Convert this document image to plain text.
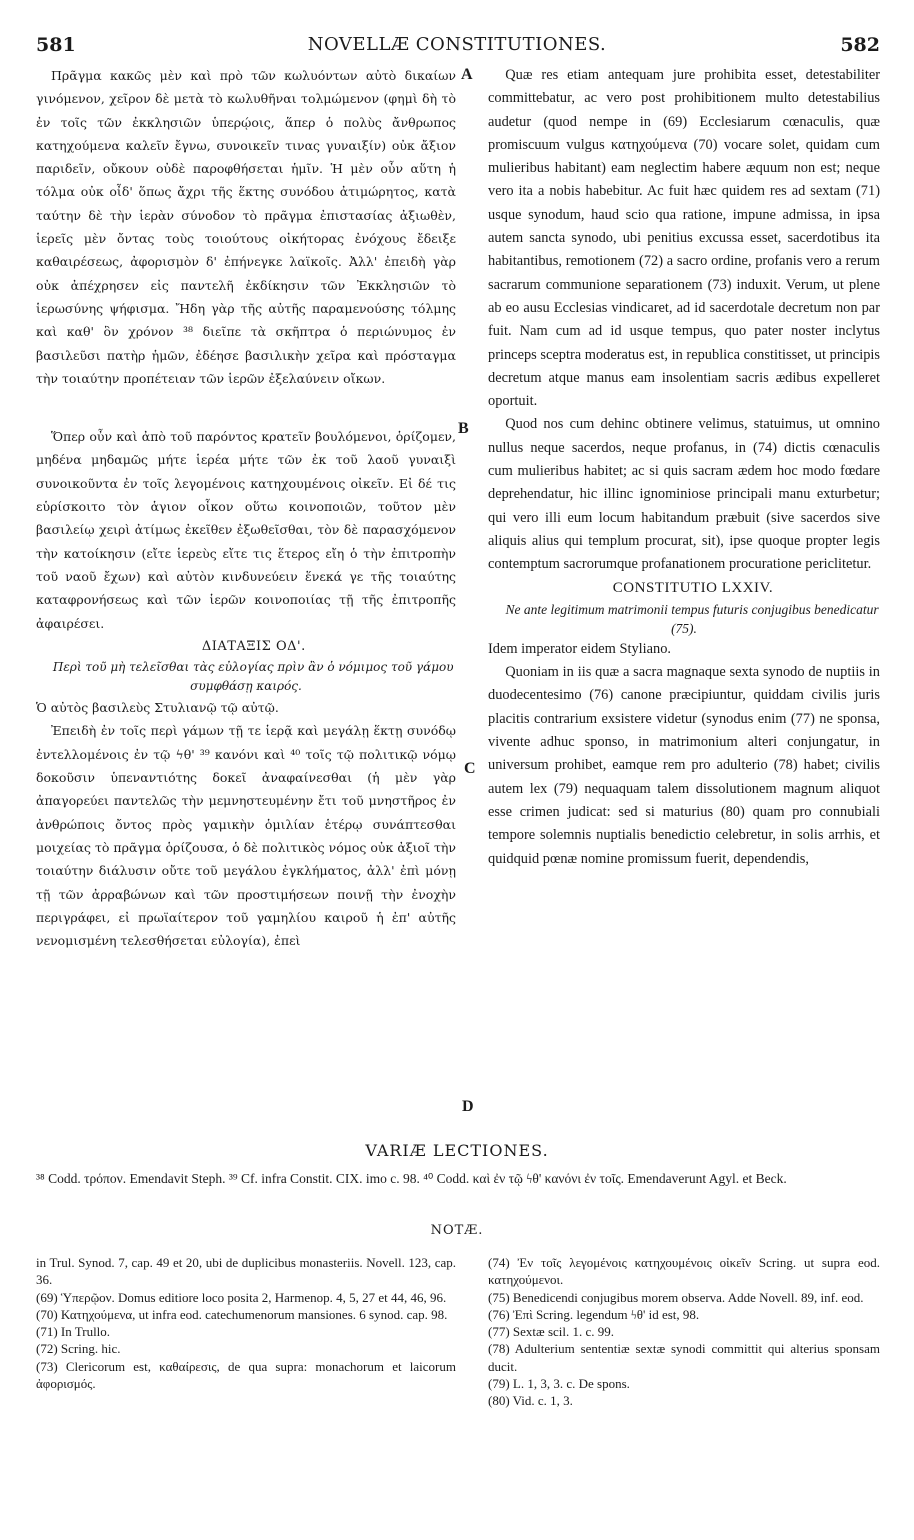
581	NOVELLÆ CONSTITUTIONES.	582

Πρᾶγμα κακῶς μὲν καὶ πρὸ τῶν κωλυόντων αὐτὸ δικαίων γινόμενον, χεῖρον δὲ μετὰ τὸ κωλυθῆναι τολμώμενον (φημὶ δὴ τὸ ἐν τοῖς τῶν ἐκκλησιῶν ὑπερῴοις, ἅπερ ὁ πολὺς ἄνθρωπος κατηχούμενα καλεῖν ἔγνω, συνοικεῖν τινας γυναιξίν) οὐκ ἄξιον παριδεῖν, οὔκουν οὐδὲ παροφθήσεται ἡμῖν. Ἡ μὲν οὖν αὕτη ἡ τόλμα οὐκ οἶδ' ὅπως ἄχρι τῆς ἕκτης συνόδου ἀτιμώρητος, κατὰ ταύτην δὲ τὴν ἱερὰν σύνοδον τὸ πρᾶγμα ἐπιστασίας ἀξιωθὲν, ἱερεῖς μὲν ὄντας τοὺς τοιούτους οἰκήτορας ἐνόχους ἔδειξε καθαιρέσεως, ἀφορισμὸν δ' ἐπήνεγκε λαϊκοῖς. Ἀλλ' ἐπειδὴ γὰρ οὐκ ἀπέχρησεν εἰς παντελῆ ἐκδίκησιν τῶν Ἐκκλησιῶν τὸ ἱερωσύνης ψήφισμα. Ἤδη γὰρ τῆς αὐτῆς παραμενούσης τόλμης καὶ καθ' ὃν χρόνον ³⁸ διεῖπε τὰ σκῆπτρα ὁ περιώνυμος ἐν βασιλεῦσι πατὴρ ἡμῶν, ἐδέησε βασιλικὴν χεῖρα καὶ πρόσταγμα τὴν τοιαύτην προπέτειαν τῶν ἱερῶν ἐξελαύνειν οἴκων.

Ὅπερ οὖν καὶ ἀπὸ τοῦ παρόντος κρατεῖν βουλόμενοι, ὁρίζομεν, μηδένα μηδαμῶς μήτε ἱερέα μήτε τῶν ἐκ τοῦ λαοῦ γυναιξὶ συνοικοῦντα ἐν τοῖς λεγομένοις κατηχουμένοις οἰκεῖν. Εἰ δέ τις εὑρίσκοιτο τὸν ἁγιον οἶκον οὕτω κοινοποιῶν, τοῦτον μὲν βασιλείῳ χειρὶ ἀτίμως ἐκεῖθεν ἐξωθεῖσθαι, τὸν δὲ παρασχόμενον τὴν κατοίκησιν (εἴτε ἱερεὺς εἴτε τις ἕτερος εἴη ὁ τὴν ἐπιτροπὴν τοῦ ναοῦ ἔχων) καὶ αὐτὸν κινδυνεύειν ἕνεκά γε τῆς τοιαύτης καταφρονήσεως καὶ τῶν ἱερῶν κοινοποιίας τῇ τῆς ἐπιτροπῆς ἀφαιρέσει.

ΔΙΑΤΑΞΙΣ ΟΔ'.

Περὶ τοῦ μὴ τελεῖσθαι τὰς εὐλογίας πρὶν ἂν ὁ νόμιμος τοῦ γάμου συμφθάσῃ καιρός.

Ὁ αὐτὸς βασιλεὺς Στυλιανῷ τῷ αὐτῷ.

Ἐπειδὴ ἐν τοῖς περὶ γάμων τῇ τε ἱερᾷ καὶ μεγάλῃ ἕκτῃ συνόδῳ ἐντελλομένοις ἐν τῷ ϟθ' ³⁹ κανόνι καὶ ⁴⁰ τοῖς τῷ πολιτικῷ νόμῳ δοκοῦσιν ὑπεναντιότης δοκεῖ ἀναφαίνεσθαι (ἡ μὲν γὰρ ἀπαγορεύει παντελῶς τὴν μεμνηστευμένην ἔτι τοῦ μνηστῆρος ἐν ἀνθρώποις ὄντος πρὸς γαμικὴν ὁμιλίαν ἑτέρῳ συνάπτεσθαι μοιχείας τὸ πρᾶγμα ὁρίζουσα, ὁ δὲ πολιτικὸς νόμος οὐκ ἀξιοῖ τὴν τοιαύτην διάλυσιν οὔτε τοῦ μεγάλου ἐγκλήματος, ἀλλ' ἐπὶ μόνῃ τῇ τῶν ἀρραβώνων καὶ τῶν προστιμήσεων ποινῇ τὴν ἐνοχὴν περιγράφει, εἰ πρωϊαίτερον τοῦ γαμηλίου καιροῦ ἡ ἐπ' αὐτῆς νενομισμένη τελεσθήσεται εὐλογία), ἐπεὶ

Quæ res etiam antequam jure prohibita esset, detestabiliter committebatur, ac vero post prohibitionem multo detestabilius audetur (quod nempe in (69) Ecclesiarum cœnaculis, quæ promiscuum vulgus κατηχούμενα (70) vocare solet, quidam cum mulieribus habitant) eam neglectim habere æquum non est; neque vero ita a nobis habebitur. Ac fuit hæc quidem res ad sextam (71) usque synodum, haud scio qua ratione, impune admissa, in ipsa autem sancta synodo, ubi penitius excussa esset, sacerdotibus ita habitantibus, remotionem (72) a sacro ordine, profanis vero a rerum sacrarum communione separationem (73) induxit. Verum, ut plene ab eo ausu Ecclesias vindicaret, ad id sacerdotale decretum non par fuit. Nam cum ad id usque tempus, quo pater noster inclytus princeps sceptra moderatus est, in republica constitisset, ut principis decretum atque manus eam insolentiam sacris ædibus expelleret oportuit.

Quod nos cum dehinc obtinere velimus, statuimus, ut omnino nullus neque sacerdos, neque profanus, in (74) dictis cœnaculis cum mulieribus habitet; ac si quis sacram ædem hoc modo fœdare deprehendatur, hic illinc ignominiose principali manu exturbetur; qui vero illi eum locum habitandum præbuit (sive sacerdos sive aliquis alius qui templum procurat, sit), ipse quoque propter legis contemptum sacrorumque profanationem procuratione periclitetur.

CONSTITUTIO LXXIV.

Ne ante legitimum matrimonii tempus futuris conjugibus benedicatur (75).

Idem imperator eidem Styliano.

Quoniam in iis quæ a sacra magnaque sexta synodo de nuptiis in duodecentesimo (76) canone præcipiuntur, quiddam civilis juris placitis contrarium exsistere videtur (synodus enim (77) ne sponsa, vivente adhuc sponso, in matrimonium alteri conjungatur, in universum prohibet, eamque rem pro adulterio (78) habet; civilis autem lex (79) nequaquam talem dissolutionem magnum aliquot esse crimen judicat: sed si maturius (80) quam pro connubiali tempore solemnis nuptialis benedictio celebretur, in solis arrhis, et quidquid pœnæ nomine promissum fuerit, dependendis,

A
B
C
D
VARIÆ LECTIONES.
³⁸ Codd. τρόπον. Emendavit Steph. ³⁹ Cf. infra Constit. CIX. imo c. 98. ⁴⁰ Codd. καὶ ἐν τῷ ϟθ' κανόνι ἐν τοῖς. Emendaverunt Agyl. et Beck.
NOTÆ.
in Trul. Synod. 7, cap. 49 et 20, ubi de duplicibus monasteriis. Novell. 123, cap. 36.
(69) Ὑπερῷον. Domus editiore loco posita 2, Harmenop. 4, 5, 27 et 44, 46, 96.
(70) Κατηχούμενα, ut infra eod. catechumenorum mansiones. 6 synod. cap. 98.
(71) In Trullo.
(72) Scring. hic.
(73) Clericorum est, καθαίρεσις, de qua supra: monachorum et laicorum ἀφορισμός.
(74) Ἐν τοῖς λεγομένοις κατηχουμένοις οἰκεῖν Scring. ut supra eod. κατηχούμενοι.
(75) Benedicendi conjugibus morem observa. Adde Novell. 89, inf. eod.
(76) Ἐπὶ Scring. legendum ϟθ' id est, 98.
(77) Sextæ scil. 1. c. 99.
(78) Adulterium sententiæ sextæ synodi committit qui alterius sponsam ducit.
(79) L. 1, 3, 3. c. De spons.
(80) Vid. c. 1, 3.
